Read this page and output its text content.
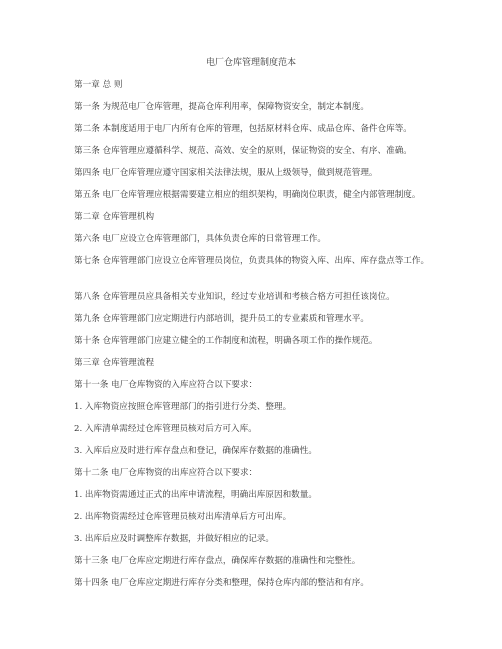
电厂仓库管理制度范本
第一章 总 则
第一条 为规范电厂仓库管理，提高仓库利用率，保障物资安全，制定本制度。
第二条 本制度适用于电厂内所有仓库的管理，包括原材料仓库、成品仓库、备件仓库等。
第三条 仓库管理应遵循科学、规范、高效、安全的原则，保证物资的安全、有序、准确。
第四条 电厂仓库管理应遵守国家相关法律法规，服从上级领导，做到规范管理。
第五条 电厂仓库管理应根据需要建立相应的组织架构，明确岗位职责，健全内部管理制度。
第二章 仓库管理机构
第六条 电厂应设立仓库管理部门，具体负责仓库的日常管理工作。
第七条 仓库管理部门应设立仓库管理员岗位，负责具体的物资入库、出库、库存盘点等工作。
第八条 仓库管理员应具备相关专业知识，经过专业培训和考核合格方可担任该岗位。
第九条 仓库管理部门应定期进行内部培训，提升员工的专业素质和管理水平。
第十条 仓库管理部门应建立健全的工作制度和流程，明确各项工作的操作规范。
第三章 仓库管理流程
第十一条 电厂仓库物资的入库应符合以下要求：
1. 入库物资应按照仓库管理部门的指引进行分类、整理。
2. 入库清单需经过仓库管理员核对后方可入库。
3. 入库后应及时进行库存盘点和登记，确保库存数据的准确性。
第十二条 电厂仓库物资的出库应符合以下要求：
1. 出库物资需通过正式的出库申请流程，明确出库原因和数量。
2. 出库物资需经过仓库管理员核对出库清单后方可出库。
3. 出库后应及时调整库存数据，并做好相应的记录。
第十三条 电厂仓库应定期进行库存盘点，确保库存数据的准确性和完整性。
第十四条 电厂仓库应定期进行库存分类和整理，保持仓库内部的整洁和有序。
